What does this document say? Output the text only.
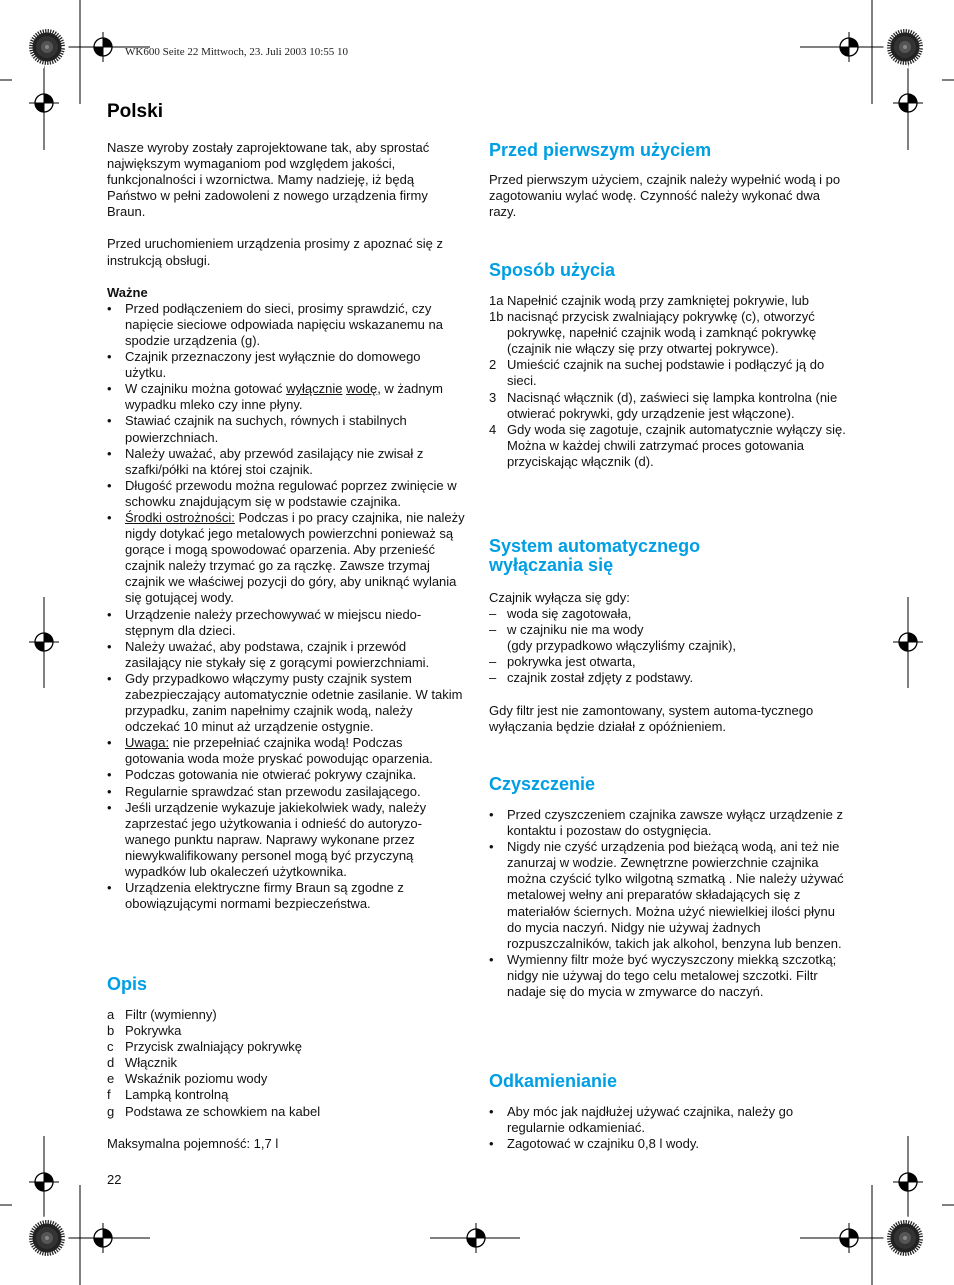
WK600 Seite 22 Mittwoch, 23. Juli 2003 10:55 10
Polski

Nasze wyroby zostały zaprojektowane tak, aby sprostać największym wymaganiom pod względem jakości, funkcjonalności i wzornictwa. Mamy nadzieję, iż będą Państwo w pełni zadowoleni z nowego urządzenia firmy Braun.

Przed uruchomieniem urządzenia prosimy z apoznać się z instrukcją obsługi.

Ważne

• Przed podłączeniem do sieci, prosimy sprawdzić, czy napięcie sieciowe odpowiada napięciu wskazanemu na spodzie urządzenia (g).

• Czajnik przeznaczony jest wyłącznie do domowego użytku.

• W czajniku można gotować wyłącznie wodę, w żadnym wypadku mleko czy inne płyny.

• Stawiać czajnik na suchych, równych i stabilnych powierzchniach.

• Należy uważać, aby przewód zasilający nie zwisał z szafki/półki na której stoi czajnik.

• Długość przewodu można regulować poprzez zwinięcie w schowku znajdującym się w podstawie czajnika.

• Środki ostrożności: Podczas i po pracy czajnika, nie należy nigdy dotykać jego metalowych powierzchni ponieważ są gorące i mogą spowodować oparzenia. Aby przenieść czajnik należy trzymać go za rączkę. Zawsze trzymaj czajnik we właściwej pozycji do góry, aby uniknąć wylania się gotującej wody.

• Urządzenie należy przechowywać w miejscu niedo-stępnym dla dzieci.

• Należy uważać, aby podstawa, czajnik i przewód zasilający nie stykały się z gorącymi powierzchniami.

• Gdy przypadkowo włączymy pusty czajnik system zabezpieczający automatycznie odetnie zasilanie. W takim przypadku, zanim napełnimy czajnik wodą, należy odczekać 10 minut aż urządzenie ostygnie.

• Uwaga: nie przepełniać czajnika wodą! Podczas gotowania woda może pryskać powodując oparzenia.

• Podczas gotowania nie otwierać pokrywy czajnika.

• Regularnie sprawdzać stan przewodu zasilającego.

• Jeśli urządzenie wykazuje jakiekolwiek wady, należy zaprzestać jego użytkowania i odnieść do autoryzo-wanego punktu napraw. Naprawy wykonane przez niewykwalifikowany personel mogą być przyczyną wypadków lub okaleczeń użytkownika.

• Urządzenia elektryczne firmy Braun są zgodne z obowiązującymi normami bezpieczeństwa.

Opis

a Filtr (wymienny)

b Pokrywka

c Przycisk zwalniający pokrywkę

d Włącznik

e Wskaźnik poziomu wody

f Lampką kontrolną

g Podstawa ze schowkiem na kabel

Maksymalna pojemność: 1,7 l

22
Przed pierwszym użyciem

Przed pierwszym użyciem, czajnik należy wypełnić wodą i po zagotowaniu wylać wodę. Czynność należy wykonać dwa razy.

Sposób użycia

1a Napełnić czajnik wodą przy zamkniętej pokrywie, lub

1b nacisnąć przycisk zwalniający pokrywkę (c), otworzyć pokrywkę, napełnić czajnik wodą i zamknąć pokrywkę (czajnik nie włączy się przy otwartej pokrywce).

2 Umieścić czajnik na suchej podstawie i podłączyć ją do sieci.

3 Nacisnąć włącznik (d), zaświeci się lampka kontrolna (nie otwierać pokrywki, gdy urządzenie jest włączone).

4 Gdy woda się zagotuje, czajnik automatycznie wyłączy się. Można w każdej chwili zatrzymać proces gotowania przyciskając włącznik (d).

System automatycznego
wyłączania się

Czajnik wyłącza się gdy:

– woda się zagotowała,

– w czajniku nie ma wody
(gdy przypadkowo włączyliśmy czajnik),

– pokrywka jest otwarta,

– czajnik został zdjęty z podstawy.

Gdy filtr jest nie zamontowany, system automa-tycznego wyłączania będzie działał z opóźnieniem.

Czyszczenie

• Przed czyszczeniem czajnika zawsze wyłącz urządzenie z kontaktu i pozostaw do ostygnięcia.

• Nigdy nie czyść urządzenia pod bieżącą wodą, ani też nie zanurzaj w wodzie. Zewnętrzne powierzchnie czajnika można czyścić tylko wilgotną szmatką . Nie należy używać metalowej wełny ani preparatów składających się z materiałów ściernych. Można użyć niewielkiej ilości płynu do mycia naczyń. Nidgy nie używaj żadnych rozpuszczalników, takich jak alkohol, benzyna lub benzen.

• Wymienny filtr może być wyczyszczony miekką szczotką; nidgy nie używaj do tego celu metalowej szczotki. Filtr nadaje się do mycia w zmywarce do naczyń.

Odkamienianie

• Aby móc jak najdłużej używać czajnika, należy go regularnie odkamieniać.

• Zagotować w czajniku 0,8 l wody.
